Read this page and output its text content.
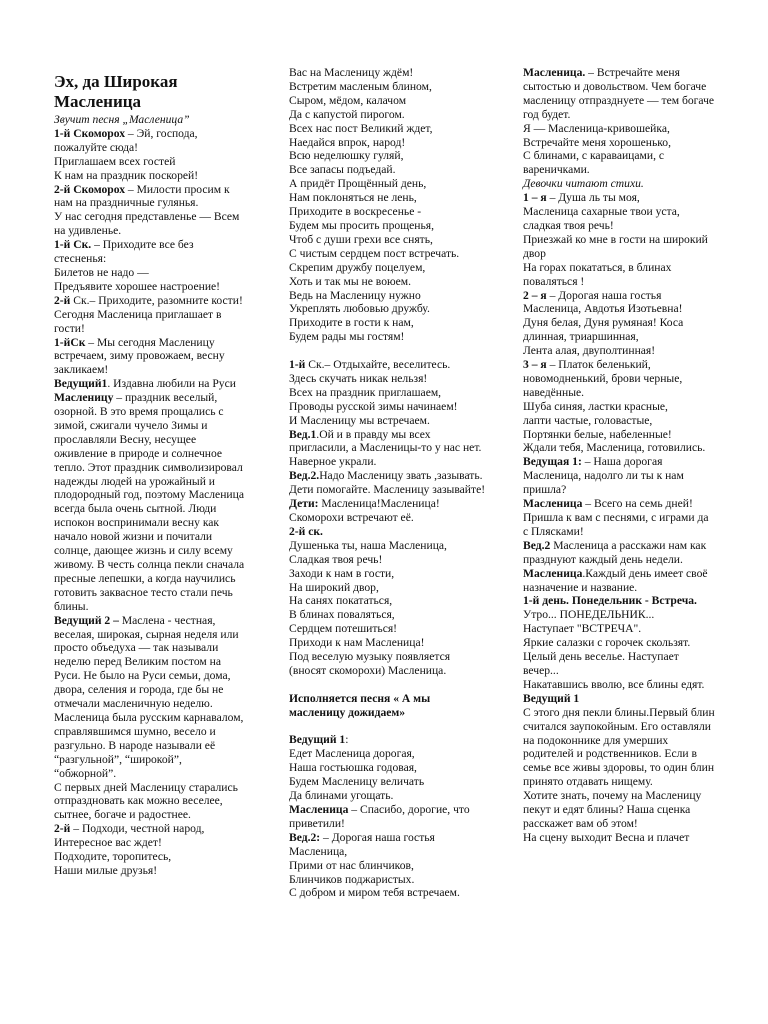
Эх, да Широкая Масленица
Звучит песня „Масленица”
1-й Скоморох – Эй, господа, пожалуйте сюда!
Приглашаем всех гостей
К нам на праздник поскорей!
2-й Скоморох – Милости просим к нам на праздничные гулянья.
У нас сегодня представленье — Всем на удивленье.
1-й Ск. – Приходите все без стесненья:
Билетов не надо —
Предъявите хорошее настроение!
2-й Ск.– Приходите, разомните кости!
Сегодня Масленица приглашает в гости!
1-йСк – Мы сегодня Масленицу встречаем, зиму провожаем, весну закликаем!
Ведущий1. Издавна любили на Руси Масленицу – праздник веселый, озорной. В это время прощались с зимой, сжигали чучело Зимы и прославляли Весну, несущее оживление в природе и солнечное тепло. Этот праздник символизировал надежды людей на урожайный и плодородный год, поэтому Масленица всегда была очень сытной. Люди испокон воспринимали весну как начало новой жизни и почитали солнце, дающее жизнь и силу всему живому. В честь солнца пекли сначала пресные лепешки, а когда научились готовить заквасное тесто стали печь блины.
Ведущий 2 – Маслена - честная, веселая, широкая, сырная неделя или просто объедуха — так называли неделю перед Великим постом на Руси. Не было на Руси семьи, дома, двора, селения и города, где бы не отмечали масленичную неделю. Масленица была русским карнавалом, справлявшимся шумно, весело и разгульно. В народе называли её “разгульной”, “широкой”, “обжорной”.
С первых дней Масленицу старались отпраздновать как можно веселее, сытнее, богаче и радостнее.
2-й – Подходи, честной народ, Интересное вас ждет!
Подходите, торопитесь,
Наши милые друзья!
Вас на Масленицу ждём!
Встретим масленым блином,
Сыром, мёдом, калачом
Да с капустой пирогом.
Всех нас пост Великий ждет,
Наедайся впрок, народ!
Всю неделюшку гуляй,
Все запасы подъедай.
А придёт Прощённый день,
Нам поклоняться не лень,
Приходите в воскресенье -
Будем мы просить прощенья,
Чтоб с души грехи все снять,
С чистым сердцем пост встречать.
Скрепим дружбу поцелуем,
Хоть и так мы не воюем.
Ведь на Масленицу нужно
Укреплять любовью дружбу.
Приходите в гости к нам,
Будем рады мы гостям!
1-й Ск.– Отдыхайте, веселитесь.
Здесь скучать никак нельзя!
Всех на праздник приглашаем,
Проводы русской зимы начинаем!
И Масленицу мы встречаем.
Вед.1.Ой и в правду мы всех пригласили, а Масленицы-то у нас нет. Наверное украли.
Вед.2.Надо Масленицу звать ,зазывать. Дети помогайте. Масленицу зазывайте!
Дети: Масленица!Масленица!
Скоморохи встречают её.
2-й ск.
Душенька ты, наша Масленица,
Сладкая твоя речь!
Заходи к нам в гости,
На широкий двор,
На санях покататься,
В блинах поваляться,
Сердцем потешиться!
Приходи к нам Масленица!
Под веселую музыку появляется (вносят скоморохи) Масленица.
Исполняется песня « А мы масленицу дожидаем»
Ведущий 1:
Едет Масленица дорогая,
Наша гостьюшка годовая,
Будем Масленицу величать
Да блинами угощать.
Масленица – Спасибо, дорогие, что приветили!
Вед.2: – Дорогая наша гостья Масленица,
Прими от нас блинчиков,
Блинчиков поджаристых.
С добром и миром тебя встречаем.
Масленица. – Встречайте меня сытостью и довольством. Чем богаче масленицу отпразднуете — тем богаче год будет.
Я — Масленица-кривошейка,
Встречайте меня хорошенько,
С блинами, с караваицами, с вареничками.
Девочки читают стихи.
1 – я – Душа ль ты моя,
Масленица сахарные твои уста, сладкая твоя речь!
Приезжай ко мне в гости на широкий двор
На горах покататься, в блинах поваляться !
2 – я – Дорогая наша гостья Масленица, Авдотья Изотьевна!
Дуня белая, Дуня румяная! Коса длинная, триаршинная,
Лента алая, двуполтинная!
3 – я – Платок беленький, новомодненький, брови черные, наведённые.
Шуба синяя, ластки красные,
лапти частые, головастые,
Портянки белые, набеленные!
Ждали тебя, Масленица, готовились.
Ведущая 1: – Наша дорогая Масленица, надолго ли ты к нам пришла?
Масленица – Всего на семь дней!
Пришла к вам с песнями, с играми да с Плясками!
Вед.2 Масленица а расскажи нам как празднуют каждый день недели.
Масленица.Каждый день имеет своё назначение и название.
1-й день. Понедельник - Встреча.
Утро... ПОНЕДЕЛЬНИК...
Наступает "ВСТРЕЧА".
Яркие салазки с горочек скользят.
Целый день веселье. Наступает вечер...
Накатавшись вволю, все блины едят.
Ведущий 1
С этого дня пекли блины.Первый блин считался заупокойным. Его оставляли на подоконнике для умерших родителей и родственников. Если в семье все живы здоровы, то один блин принято отдавать нищему.
Хотите знать, почему на Масленицу пекут и едят блины? Наша сценка расскажет вам об этом!
На сцену выходит Весна и плачет
